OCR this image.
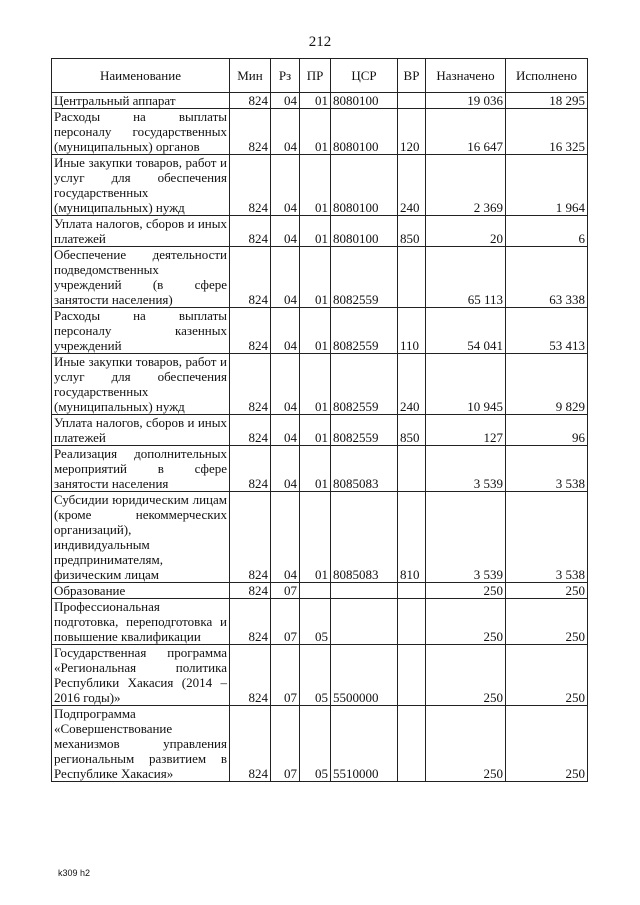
212
Наименование	Мин	Рз	ПР	ЦСР	ВР	Назначено	Исполнено
Центральный аппарат	824	04	01	8080100		19 036	18 295
Расходы на выплаты персоналу государственных (муниципальных) органов	824	04	01	8080100	120	16 647	16 325
Иные закупки товаров, работ и услуг для обеспечения государственных (муниципальных) нужд	824	04	01	8080100	240	2 369	1 964
Уплата налогов, сборов и иных платежей	824	04	01	8080100	850	20	6
Обеспечение деятельности подведомственных учреждений (в сфере занятости населения)	824	04	01	8082559		65 113	63 338
Расходы на выплаты персоналу казенных учреждений	824	04	01	8082559	110	54 041	53 413
Иные закупки товаров, работ и услуг для обеспечения государственных (муниципальных) нужд	824	04	01	8082559	240	10 945	9 829
Уплата налогов, сборов и иных платежей	824	04	01	8082559	850	127	96
Реализация дополнительных мероприятий в сфере занятости населения	824	04	01	8085083		3 539	3 538
Субсидии юридическим лицам (кроме некоммерческих организаций), индивидуальным предпринимателям, физическим лицам	824	04	01	8085083	810	3 539	3 538
Образование	824	07				250	250
Профессиональная подготовка, переподготовка и повышение квалификации	824	07	05			250	250
Государственная программа «Региональная политика Республики Хакасия (2014 – 2016 годы)»	824	07	05	5500000		250	250
Подпрограмма «Совершенствование механизмов управления региональным развитием в Республике Хакасия»	824	07	05	5510000		250	250
k309 h2
